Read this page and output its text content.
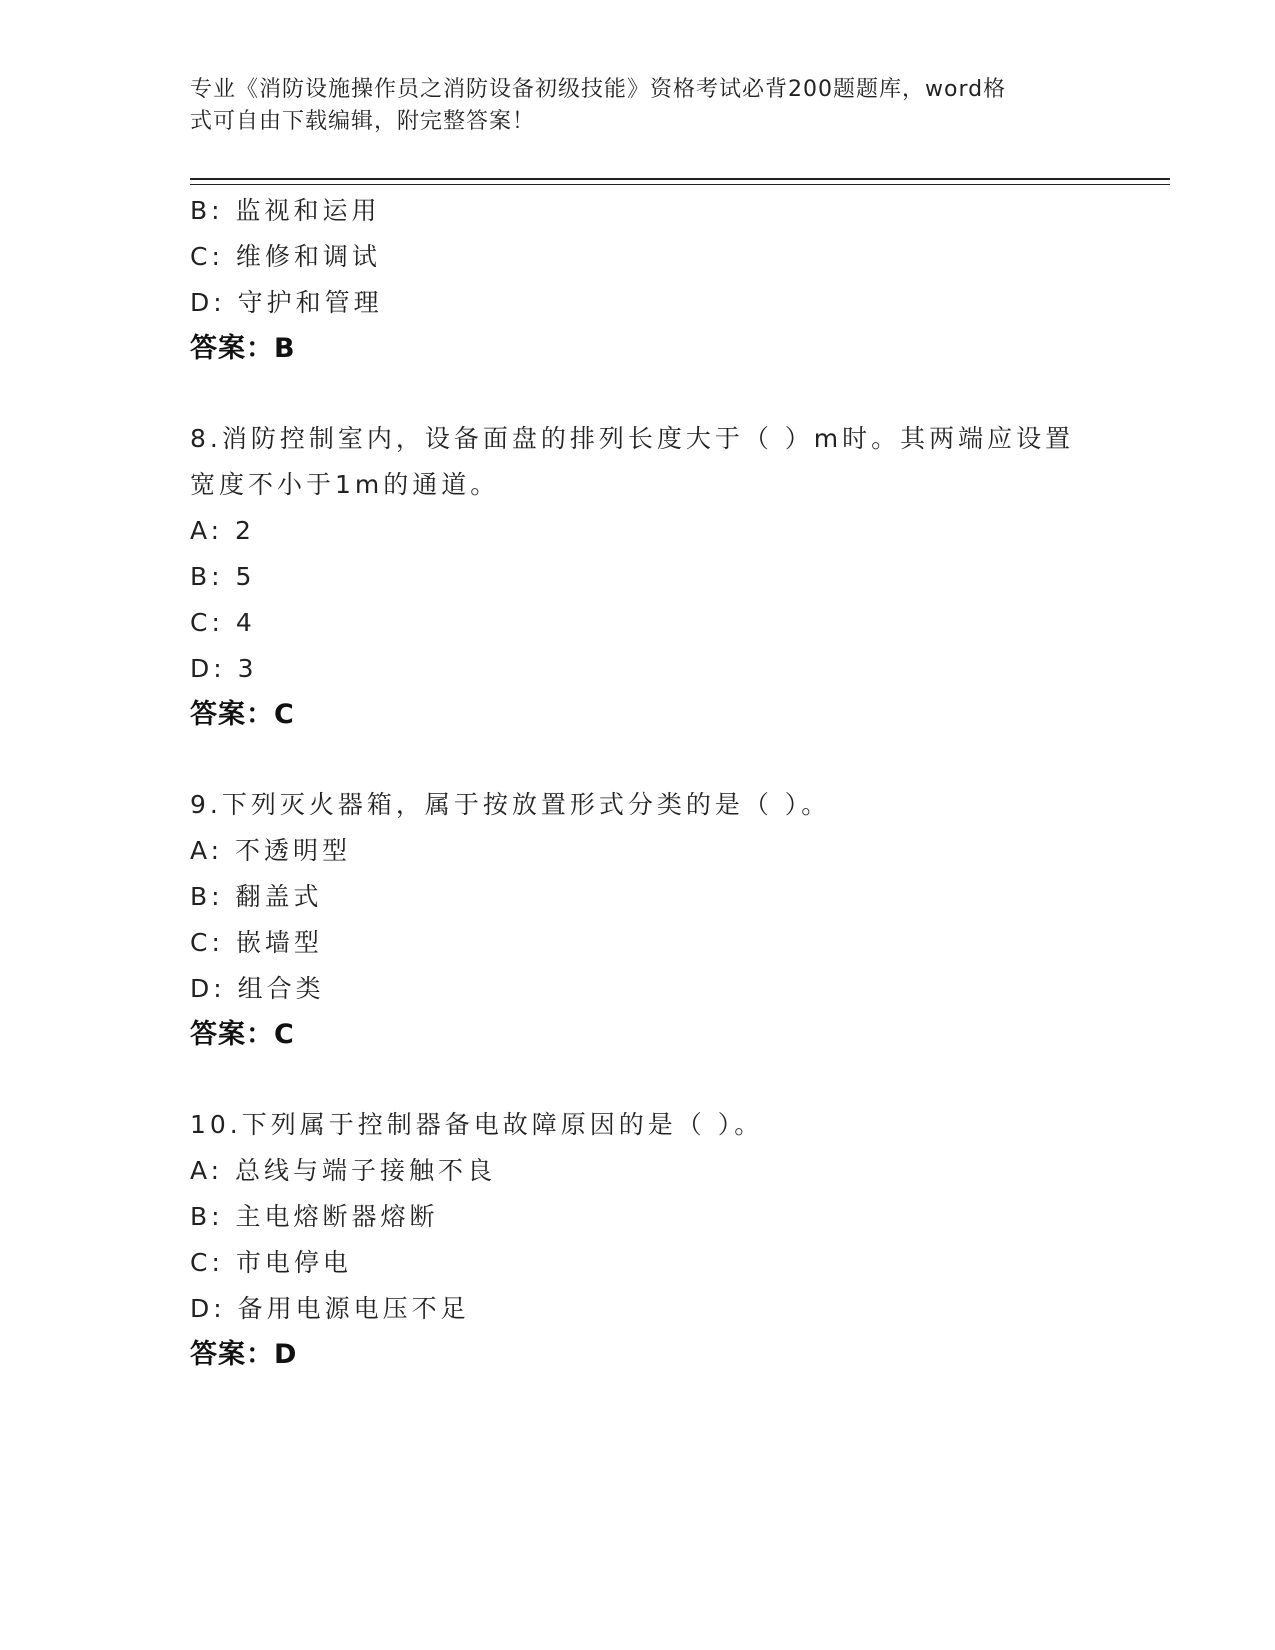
专业《消防设施操作员之消防设备初级技能》资格考试必背200题题库，word格
式可自由下载编辑，附完整答案！
B: 监视和运用
C: 维修和调试
D: 守护和管理
答案：B
8.消防控制室内，设备面盘的排列长度大于（ ）m时。其两端应设置
宽度不小于1m的通道。
A: 2
B: 5
C: 4
D: 3
答案：C
9.下列灭火器箱，属于按放置形式分类的是（ ）。
A: 不透明型
B: 翻盖式
C: 嵌墙型
D: 组合类
答案：C
10.下列属于控制器备电故障原因的是（ ）。
A: 总线与端子接触不良
B: 主电熔断器熔断
C: 市电停电
D: 备用电源电压不足
答案：D
